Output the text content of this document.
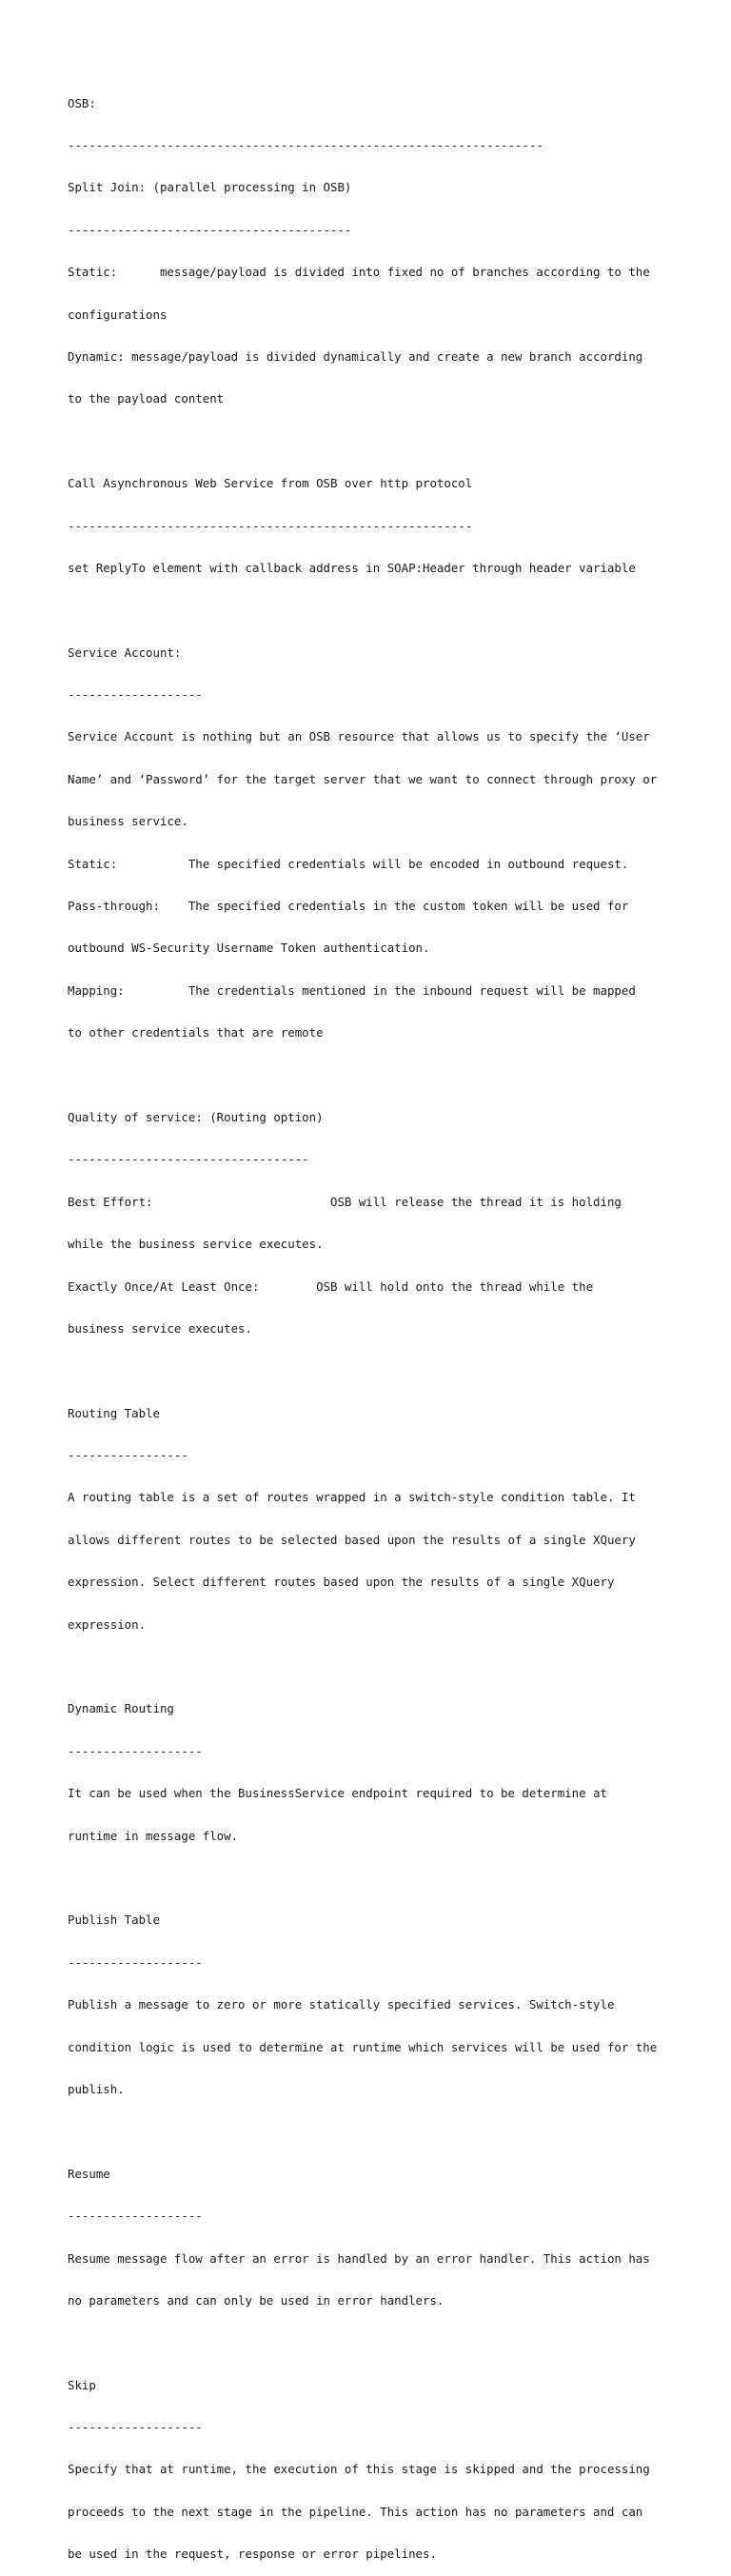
OSB:

-------------------------------------------------------------------

Split Join: (parallel processing in OSB)

----------------------------------------

Static:      message/payload is divided into fixed no of branches according to the

configurations

Dynamic: message/payload is divided dynamically and create a new branch according

to the payload content

Call Asynchronous Web Service from OSB over http protocol

---------------------------------------------------------

set ReplyTo element with callback address in SOAP:Header through header variable

Service Account:

-------------------

Service Account is nothing but an OSB resource that allows us to specify the ‘User

Name’ and ‘Password’ for the target server that we want to connect through proxy or

business service.

Static:          The specified credentials will be encoded in outbound request.

Pass-through:    The specified credentials in the custom token will be used for

outbound WS-Security Username Token authentication.

Mapping:         The credentials mentioned in the inbound request will be mapped

to other credentials that are remote

Quality of service: (Routing option)

----------------------------------

Best Effort:                         OSB will release the thread it is holding

while the business service executes.

Exactly Once/At Least Once:        OSB will hold onto the thread while the

business service executes.

Routing Table

-----------------

A routing table is a set of routes wrapped in a switch-style condition table. It

allows different routes to be selected based upon the results of a single XQuery

expression. Select different routes based upon the results of a single XQuery

expression.

Dynamic Routing

-------------------

It can be used when the BusinessService endpoint required to be determine at

runtime in message flow.

Publish Table

-------------------

Publish a message to zero or more statically specified services. Switch-style

condition logic is used to determine at runtime which services will be used for the

publish.

Resume

-------------------

Resume message flow after an error is handled by an error handler. This action has

no parameters and can only be used in error handlers.

Skip

-------------------

Specify that at runtime, the execution of this stage is skipped and the processing

proceeds to the next stage in the pipeline. This action has no parameters and can

be used in the request, response or error pipelines.
